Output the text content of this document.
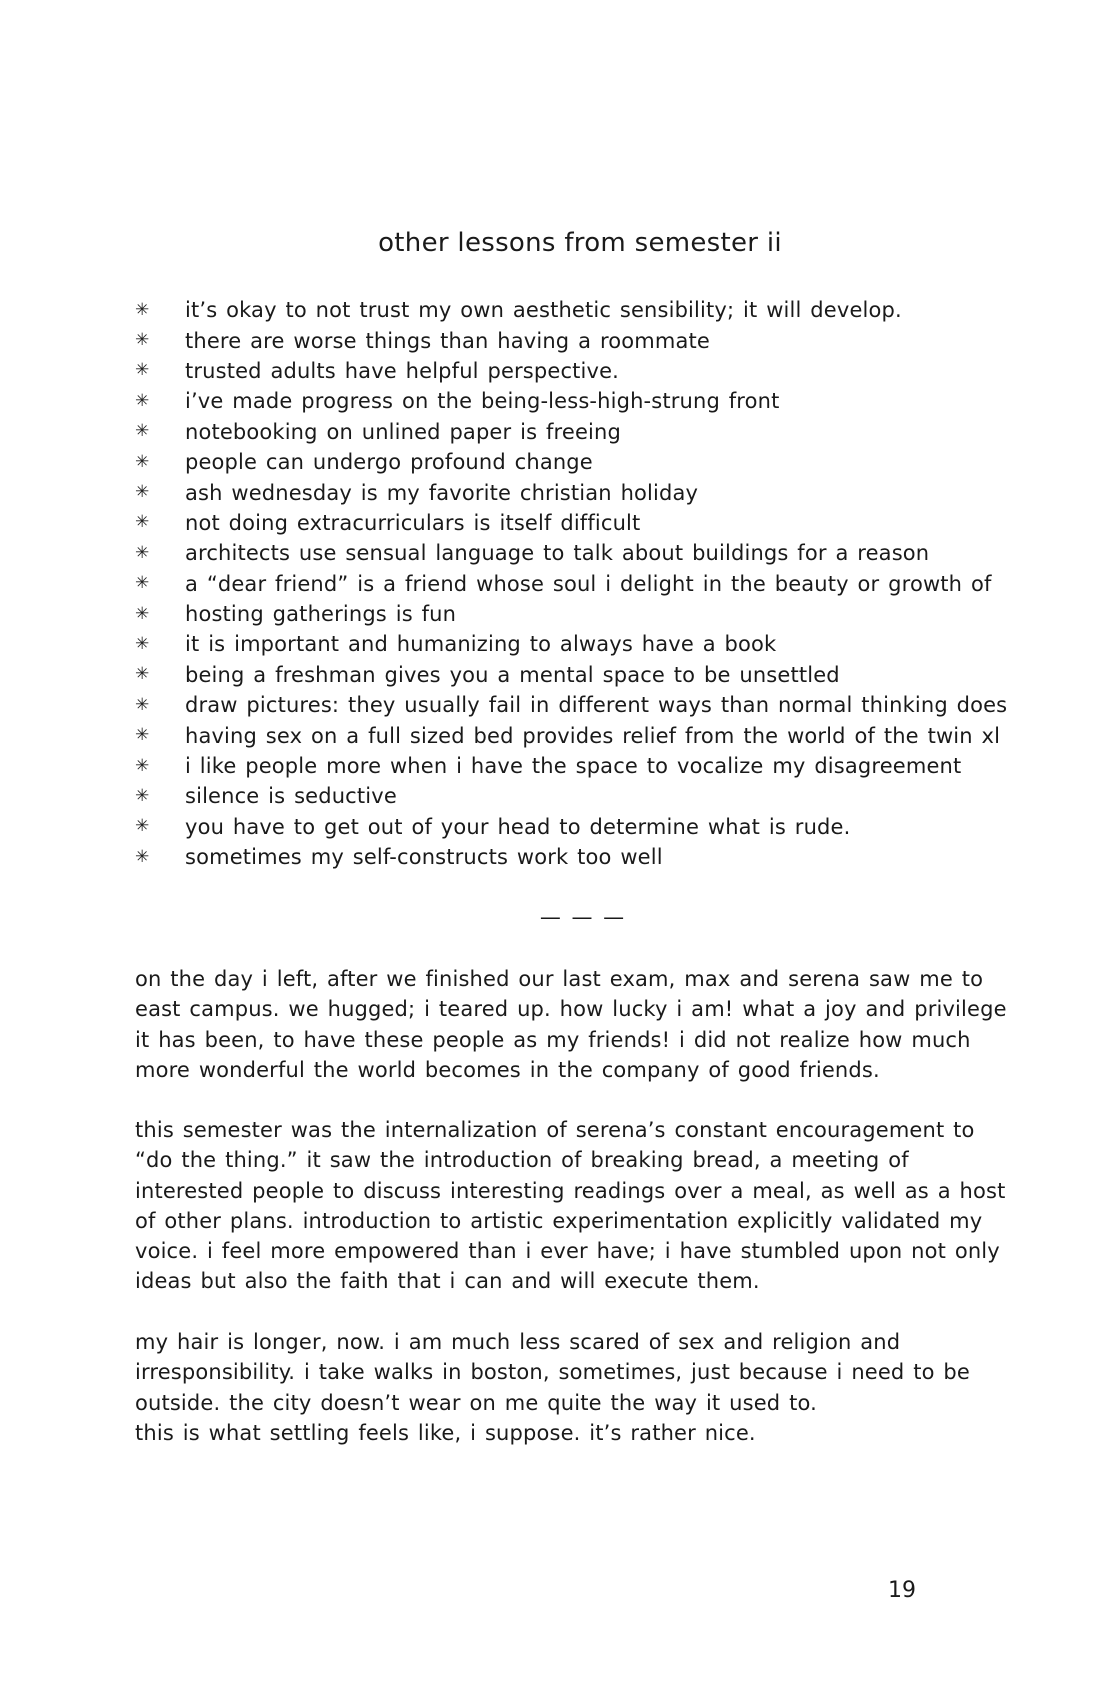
other lessons from semester ii
✳	it’s okay to not trust my own aesthetic sensibility; it will develop.
✳	there are worse things than having a roommate
✳	trusted adults have helpful perspective.
✳	i’ve made progress on the being-less-high-strung front
✳	notebooking on unlined paper is freeing
✳	people can undergo profound change
✳	ash wednesday is my favorite christian holiday
✳	not doing extracurriculars is itself difficult
✳	architects use sensual language to talk about buildings for a reason
✳	a “dear friend” is a friend whose soul i delight in the beauty or growth of
✳	hosting gatherings is fun
✳	it is important and humanizing to always have a book
✳	being a freshman gives you a mental space to be unsettled
✳	draw pictures: they usually fail in different ways than normal thinking does
✳	having sex on a full sized bed provides relief from the world of the twin xl
✳	i like people more when i have the space to vocalize my disagreement
✳	silence is seductive
✳	you have to get out of your head to determine what is rude.
✳	sometimes my self-constructs work too well
— — —

on the day i left, after we finished our last exam, max and serena saw me to east campus. we hugged; i teared up. how lucky i am! what a joy and privilege it has been, to have these people as my friends! i did not realize how much more wonderful the world becomes in the company of good friends.

this semester was the internalization of serena’s constant encouragement to “do the thing.” it saw the introduction of breaking bread, a meeting of interested people to discuss interesting readings over a meal, as well as a host of other plans. introduction to artistic experimentation explicitly validated my voice. i feel more empowered than i ever have; i have stumbled upon not only ideas but also the faith that i can and will execute them.

my hair is longer, now. i am much less scared of sex and religion and irresponsibility. i take walks in boston, sometimes, just because i need to be outside. the city doesn’t wear on me quite the way it used to.

this is what settling feels like, i suppose. it’s rather nice.

19
